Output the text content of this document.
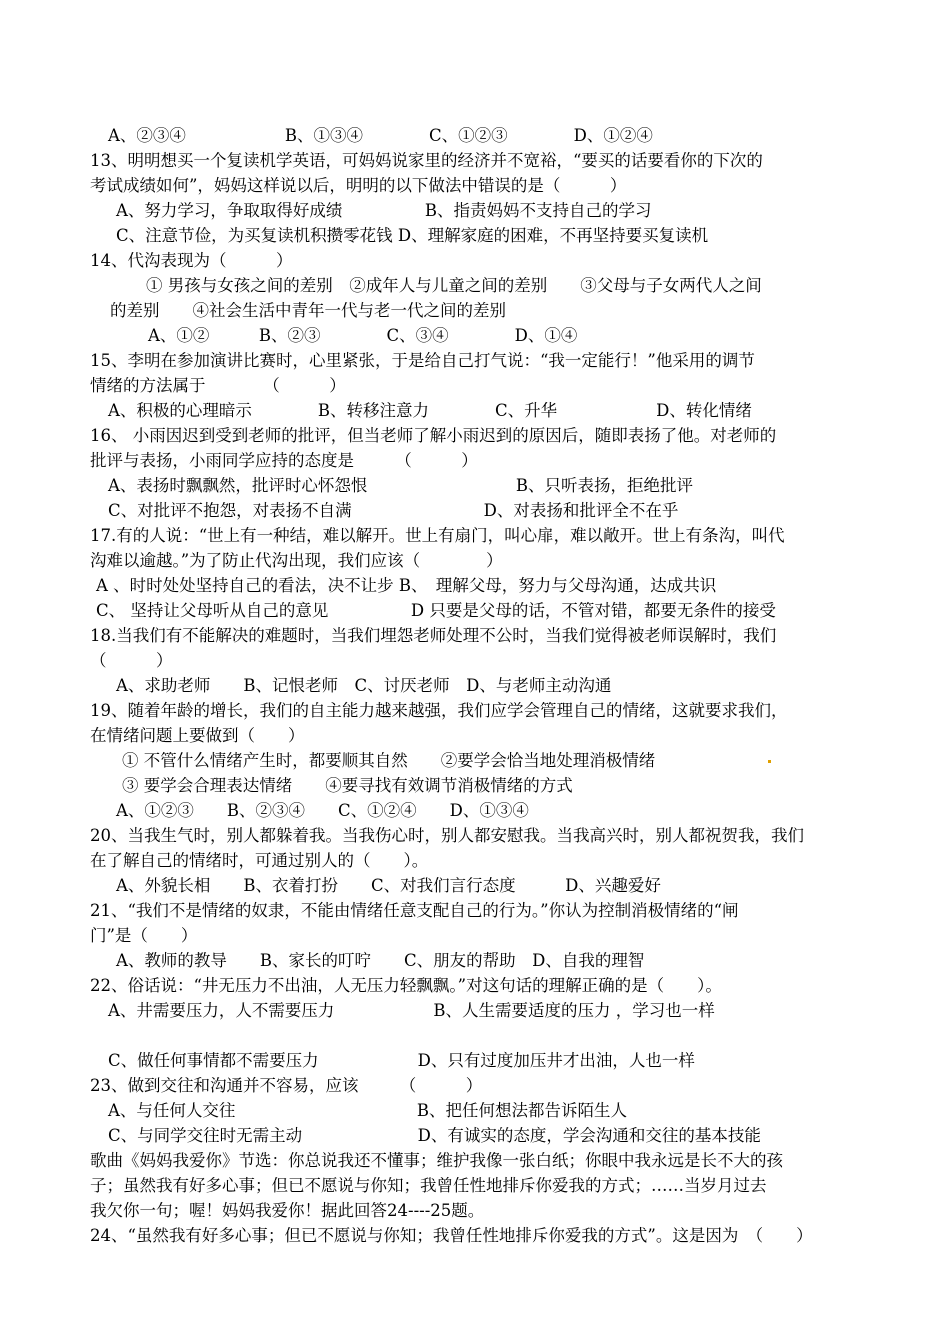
A、②③④　　　　　　B、①③④　　　　C、①②③　　　　D、①②④
13、明明想买一个复读机学英语，可妈妈说家里的经济并不宽裕，“要买的话要看你的下次的
考试成绩如何”，妈妈这样说以后，明明的以下做法中错误的是（　　　）
A、努力学习，争取取得好成绩　　　　　B、指责妈妈不支持自己的学习
C、注意节俭，为买复读机积攒零花钱 D、理解家庭的困难，不再坚持要买复读机
14、代沟表现为（　　　）
① 男孩与女孩之间的差别　②成年人与儿童之间的差别　　③父母与子女两代人之间
的差别　　④社会生活中青年一代与老一代之间的差别
A、①②　　　B、②③　　　　C、③④　　　　D、①④
15、李明在参加演讲比赛时，心里紧张，于是给自己打气说：“我一定能行！”他采用的调节
情绪的方法属于　　　　（　　　）
A、积极的心理暗示　　　　B、转移注意力　　　　C、升华　　　　　　D、转化情绪
16、 小雨因迟到受到老师的批评，但当老师了解小雨迟到的原因后，随即表扬了他。对老师的
批评与表扬，小雨同学应持的态度是　　　（　　　）
A、表扬时飘飘然，批评时心怀怨恨　　　　　　　　　B、只听表扬，拒绝批评
C、对批评不抱怨，对表扬不自满　　　　　　　　D、对表扬和批评全不在乎
17.有的人说：“世上有一种结，难以解开。世上有扇门，叫心扉，难以敞开。世上有条沟，叫代
沟难以逾越。”为了防止代沟出现，我们应该（　　　　）
A 、时时处处坚持自己的看法，决不让步 B、　理解父母，努力与父母沟通，达成共识
C、 坚持让父母听从自己的意见　　　　　D 只要是父母的话，不管对错，都要无条件的接受
18.当我们有不能解决的难题时，当我们埋怨老师处理不公时，当我们觉得被老师误解时，我们
（　　　）
A、求助老师　　B、记恨老师　C、讨厌老师　D、与老师主动沟通
19、随着年龄的增长，我们的自主能力越来越强，我们应学会管理自己的情绪，这就要求我们，
在情绪问题上要做到（　　）
① 不管什么情绪产生时，都要顺其自然　　②要学会恰当地处理消极情绪
③ 要学会合理表达情绪　　④要寻找有效调节消极情绪的方式
A、①②③　　B、②③④　　C、①②④　　D、①③④
20、当我生气时，别人都躲着我。当我伤心时，别人都安慰我。当我高兴时，别人都祝贺我，我们
在了解自己的情绪时，可通过别人的（　　）。
A、外貌长相　　B、衣着打扮　　C、对我们言行态度　　　D、兴趣爱好
21、“我们不是情绪的奴隶，不能由情绪任意支配自己的行为。”你认为控制消极情绪的“闸
门”是（　　）
A、教师的教导　　B、家长的叮咛　　C、朋友的帮助　D、自我的理智
22、俗话说：“井无压力不出油，人无压力轻飘飘。”对这句话的理解正确的是（　　）。
A、井需要压力，人不需要压力　　　　　　B、人生需要适度的压力 ，学习也一样
C、做任何事情都不需要压力　　　　　　D、只有过度加压井才出油，人也一样
23、做到交往和沟通并不容易，应该　　　（　　　）
A、与任何人交往　　　　　　　　　　　B、把任何想法都告诉陌生人
C、与同学交往时无需主动　　　　　　　D、有诚实的态度，学会沟通和交往的基本技能
歌曲《妈妈我爱你》节选：你总说我还不懂事；维护我像一张白纸；你眼中我永远是长不大的孩
子；虽然我有好多心事；但已不愿说与你知；我曾任性地排斥你爱我的方式；……当岁月过去
我欠你一句；喔！妈妈我爱你！据此回答24----25题。
24、“虽然我有好多心事；但已不愿说与你知；我曾任性地排斥你爱我的方式”。这是因为　（　　）
